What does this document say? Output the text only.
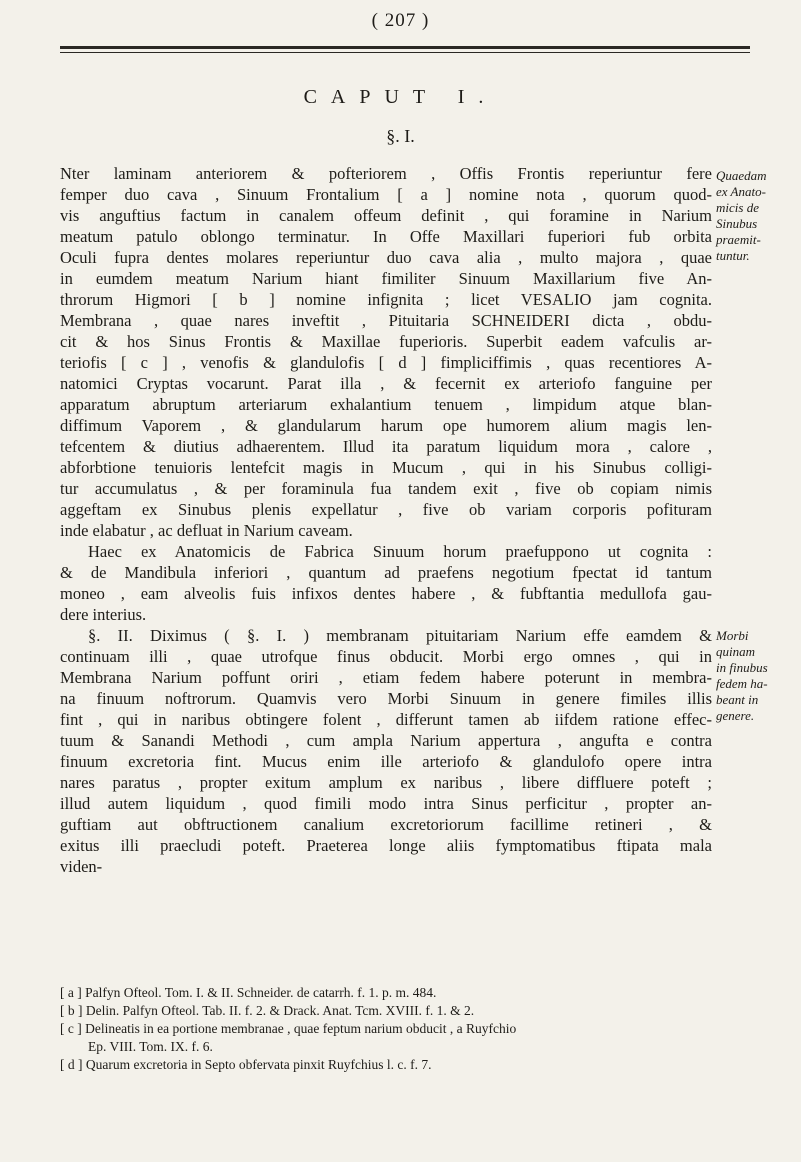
( 207 )
CAPUT I.
§. I.
Nter laminam anteriorem & pofteriorem , Offis Frontis reperiuntur fere
femper duo cava , Sinuum Frontalium [ a ] nomine nota , quorum quod-
vis anguftius factum in canalem offeum definit , qui foramine in Narium
meatum patulo oblongo terminatur. In Offe Maxillari fuperiori fub orbita
Oculi fupra dentes molares reperiuntur duo cava alia , multo majora , quae
in eumdem meatum Narium hiant fimiliter Sinuum Maxillarium five An-
throrum Higmori [ b ] nomine infignita ; licet VESALIO jam cognita.
Membrana , quae nares inveftit , Pituitaria SCHNEIDERI dicta , obdu-
cit & hos Sinus Frontis & Maxillae fuperioris. Superbit eadem vafculis ar-
teriofis [ c ] , venofis & glandulofis [ d ] fimpliciffimis , quas recentiores A-
natomici Cryptas vocarunt. Parat illa , & fecernit ex arteriofo fanguine per
apparatum abruptum arteriarum exhalantium tenuem , limpidum atque blan-
diffimum Vaporem , & glandularum harum ope humorem alium magis len-
tefcentem & diutius adhaerentem. Illud ita paratum liquidum mora , calore ,
abforbtione tenuioris lentefcit magis in Mucum , qui in his Sinubus colligi-
tur accumulatus , & per foraminula fua tandem exit , five ob copiam nimis
aggeftam ex Sinubus plenis expellatur , five ob variam corporis pofituram
inde elabatur , ac defluat in Narium caveam.
Haec ex Anatomicis de Fabrica Sinuum horum praefuppono ut cognita :
& de Mandibula inferiori , quantum ad praefens negotium fpectat id tantum
moneo , eam alveolis fuis infixos dentes habere , & fubftantia medullofa gau-
dere interius.
§. II. Diximus ( §. I. ) membranam pituitariam Narium effe eamdem &
continuam illi , quae utrofque finus obducit. Morbi ergo omnes , qui in
Membrana Narium poffunt oriri , etiam fedem habere poterunt in membra-
na finuum noftrorum. Quamvis vero Morbi Sinuum in genere fimiles illis
fint , qui in naribus obtingere folent , differunt tamen ab iifdem ratione effec-
tuum & Sanandi Methodi , cum ampla Narium appertura , angufta e contra
finuum excretoria fint. Mucus enim ille arteriofo & glandulofo opere intra
nares paratus , propter exitum amplum ex naribus , libere diffluere poteft ;
illud autem liquidum , quod fimili modo intra Sinus perficitur , propter an-
guftiam aut obftructionem canalium excretoriorum facillime retineri , &
exitus illi praecludi poteft. Praeterea longe aliis fymptomatibus ftipata mala
viden-
Quaedam
ex Anato-
micis de
Sinubus
praemit-
tuntur.
Morbi
quinam
in finubus
fedem ha-
beant in
genere.
[ a ] Palfyn Ofteol. Tom. I. & II. Schneider. de catarrh. f. 1. p. m. 484.
[ b ] Delin. Palfyn Ofteol. Tab. II. f. 2. & Drack. Anat. Tcm. XVIII. f. 1. & 2.
[ c ] Delineatis in ea portione membranae , quae feptum narium obducit , a Ruyfchio
Ep. VIII. Tom. IX. f. 6.
[ d ] Quarum excretoria in Septo obfervata pinxit Ruyfchius l. c. f. 7.
